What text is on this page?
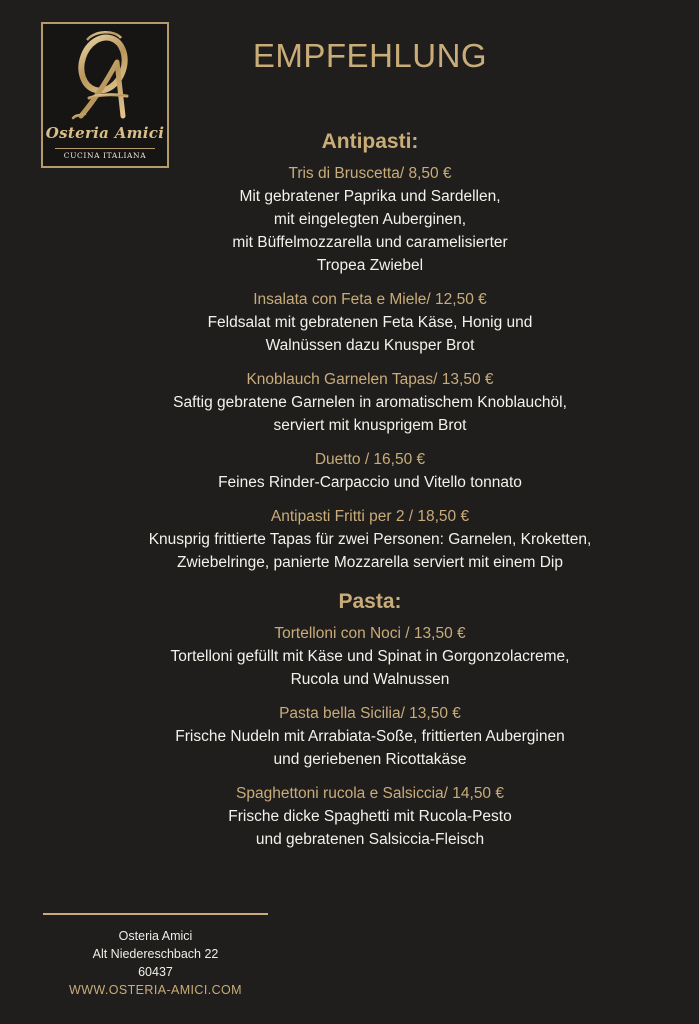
Osteria Amici
CUCINA ITALIANA
EMPFEHLUNG
Antipasti:
Tris di Bruscetta/ 8,50 €
Mit gebratener Paprika und Sardellen,
mit eingelegten Auberginen,
mit Büffelmozzarella und caramelisierter
Tropea Zwiebel
Insalata con Feta e Miele/ 12,50 €
Feldsalat mit gebratenen Feta Käse, Honig und
Walnüssen dazu Knusper Brot
Knoblauch Garnelen Tapas/ 13,50 €
Saftig gebratene Garnelen in aromatischem Knoblauchöl,
serviert mit knusprigem Brot
Duetto / 16,50 €
Feines Rinder-Carpaccio und Vitello tonnato
Antipasti Fritti per 2 / 18,50 €
Knusprig frittierte Tapas für zwei Personen: Garnelen, Kroketten,
Zwiebelringe, panierte Mozzarella serviert mit einem Dip
Pasta:
Tortelloni con Noci / 13,50 €
Tortelloni gefüllt mit Käse und Spinat in Gorgonzolacreme,
Rucola und Walnussen
Pasta bella Sicilia/ 13,50 €
Frische Nudeln mit Arrabiata-Soße, frittierten Auberginen
und geriebenen Ricottakäse
Spaghettoni rucola e Salsiccia/ 14,50 €
Frische dicke Spaghetti mit Rucola-Pesto
und gebratenen Salsiccia-Fleisch
Osteria Amici
Alt Niedereschbach 22
60437
WWW.OSTERIA-AMICI.COM
